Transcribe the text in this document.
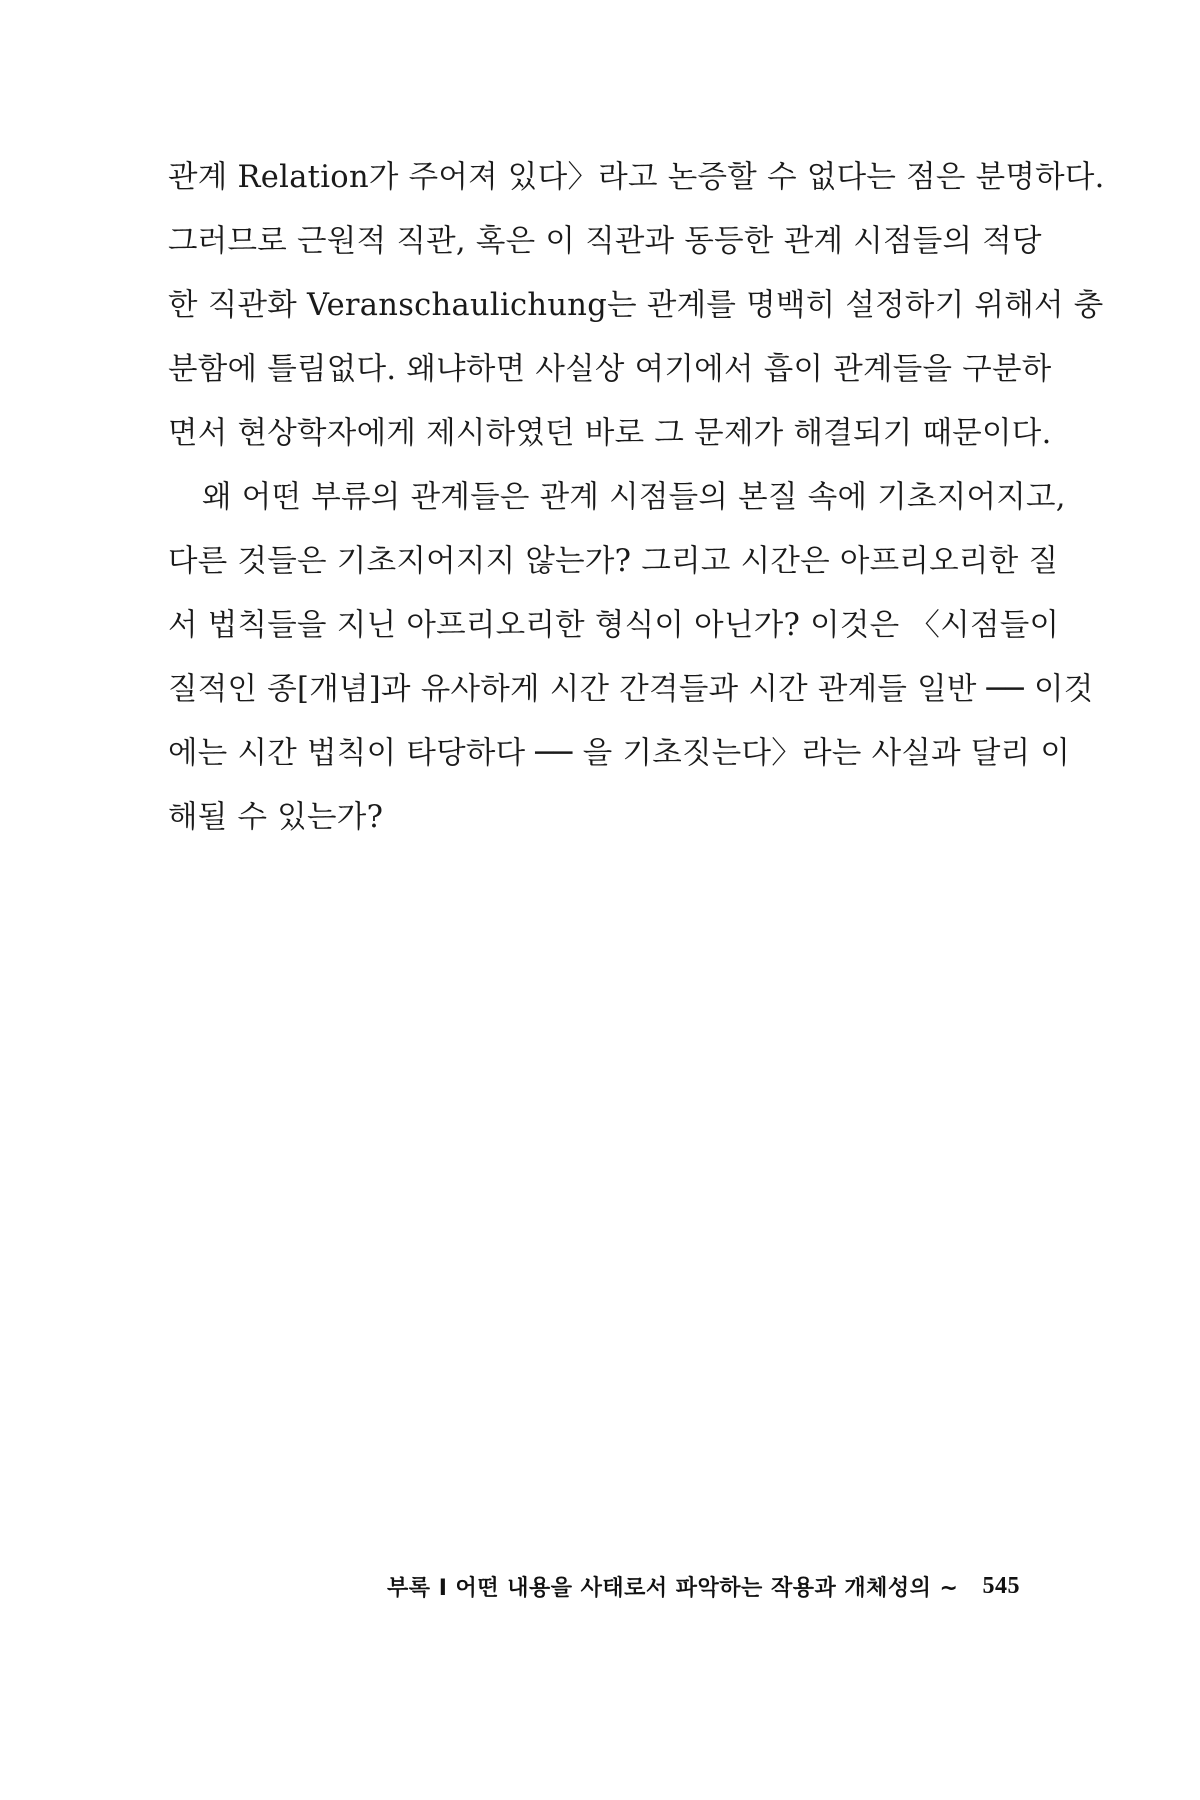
관계 Relation가 주어져 있다〉라고 논증할 수 없다는 점은 분명하다.
그러므로 근원적 직관, 혹은 이 직관과 동등한 관계 시점들의 적당
한 직관화 Veranschaulichung는 관계를 명백히 설정하기 위해서 충
분함에 틀림없다. 왜냐하면 사실상 여기에서 흡이 관계들을 구분하
면서 현상학자에게 제시하였던 바로 그 문제가 해결되기 때문이다.
왜 어떤 부류의 관계들은 관계 시점들의 본질 속에 기초지어지고,
다른 것들은 기초지어지지 않는가? 그리고 시간은 아프리오리한 질
서 법칙들을 지닌 아프리오리한 형식이 아닌가? 이것은 〈시점들이
질적인 종[개념]과 유사하게 시간 간격들과 시간 관계들 일반 ── 이것
에는 시간 법칙이 타당하다 ── 을 기초짓는다〉라는 사실과 달리 이
해될 수 있는가?
부록 I 어떤 내용을 사태로서 파악하는 작용과 개체성의 ~ 545
